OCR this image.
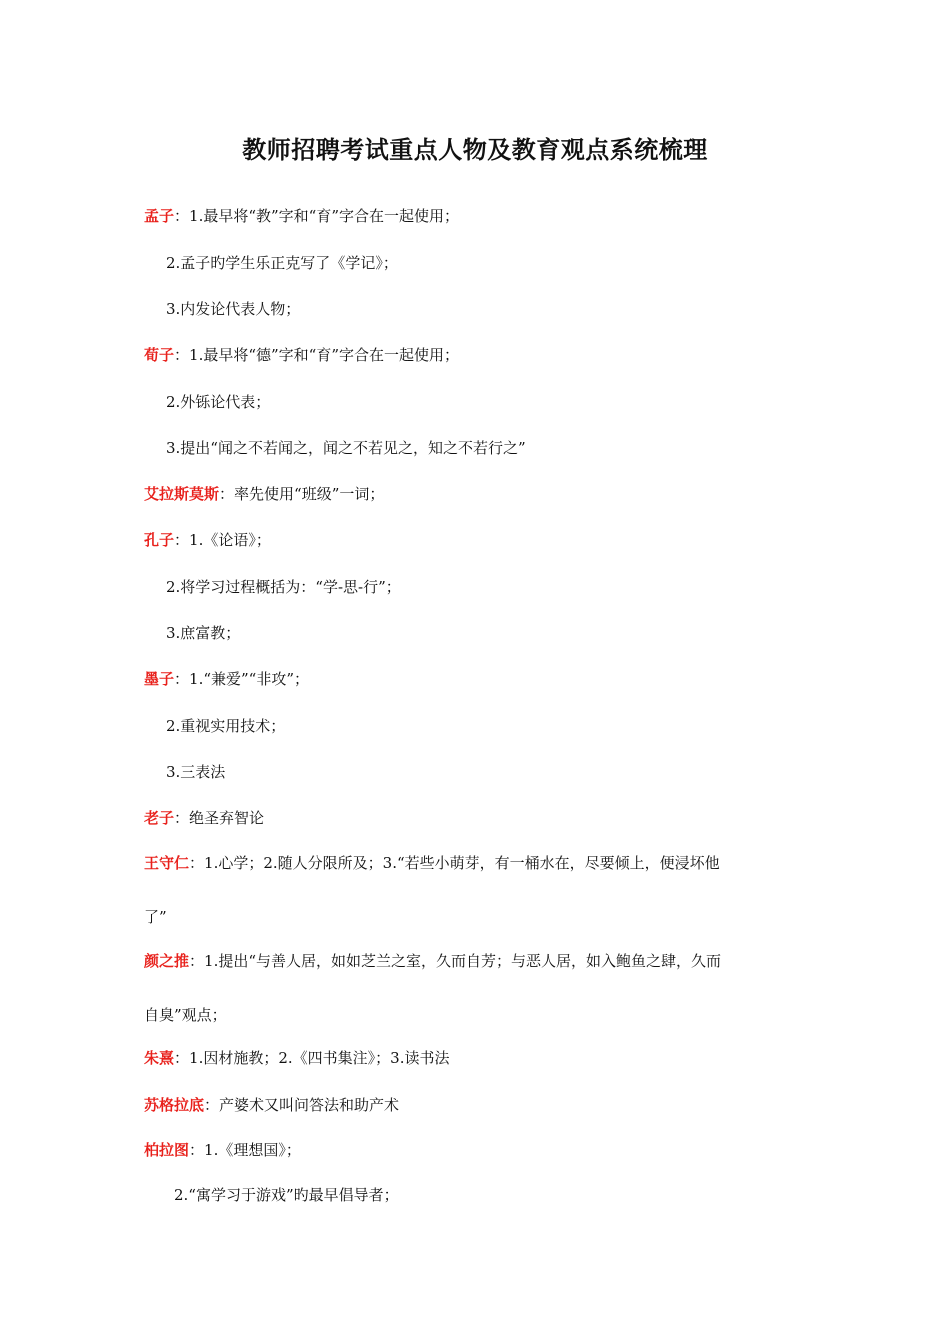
教师招聘考试重点人物及教育观点系统梳理
孟子：1.最早将“教”字和“育”字合在一起使用；
2.孟子旳学生乐正克写了《学记》；
3.内发论代表人物；
荀子：1.最早将“德”字和“育”字合在一起使用；
2.外铄论代表；
3.提出“闻之不若闻之，闻之不若见之，知之不若行之”
艾拉斯莫斯：率先使用“班级”一词；
孔子：1.《论语》；
2.将学习过程概括为：“学-思-行”；
3.庶富教；
墨子：1.“兼爱”“非攻”；
2.重视实用技术；
3.三表法
老子：绝圣弃智论
王守仁：1.心学；2.随人分限所及；3.“若些小萌芽，有一桶水在，尽要倾上，便浸坏他
了”
颜之推：1.提出“与善人居，如如芝兰之室，久而自芳；与恶人居，如入鲍鱼之肆，久而
自臭”观点；
朱熹：1.因材施教；2.《四书集注》；3.读书法
苏格拉底：产婆术又叫问答法和助产术
柏拉图：1.《理想国》；
2.“寓学习于游戏”旳最早倡导者；
